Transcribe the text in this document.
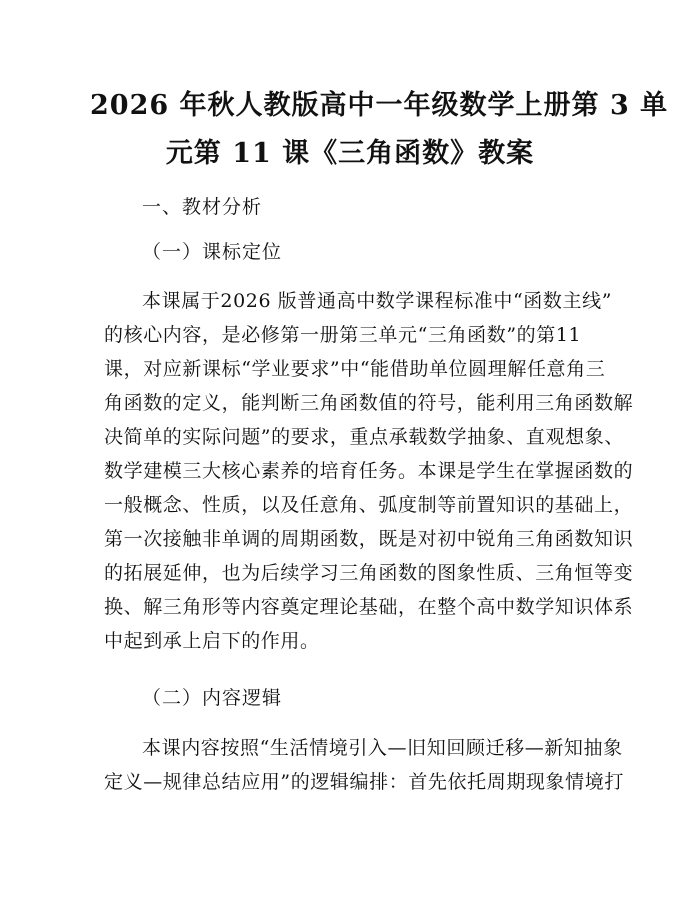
2026 年秋人教版高中一年级数学上册第 3 单
元第 11 课《三角函数》教案
一、教材分析
（一）课标定位
本课属于2026 版普通高中数学课程标准中“函数主线”
的核心内容，是必修第一册第三单元“三角函数”的第11
课，对应新课标“学业要求”中“能借助单位圆理解任意角三
角函数的定义，能判断三角函数值的符号，能利用三角函数解
决简单的实际问题”的要求，重点承载数学抽象、直观想象、
数学建模三大核心素养的培育任务。本课是学生在掌握函数的
一般概念、性质，以及任意角、弧度制等前置知识的基础上，
第一次接触非单调的周期函数，既是对初中锐角三角函数知识
的拓展延伸，也为后续学习三角函数的图象性质、三角恒等变
换、解三角形等内容奠定理论基础，在整个高中数学知识体系
中起到承上启下的作用。
（二）内容逻辑
本课内容按照“生活情境引入—旧知回顾迁移—新知抽象
定义—规律总结应用”的逻辑编排：首先依托周期现象情境打
